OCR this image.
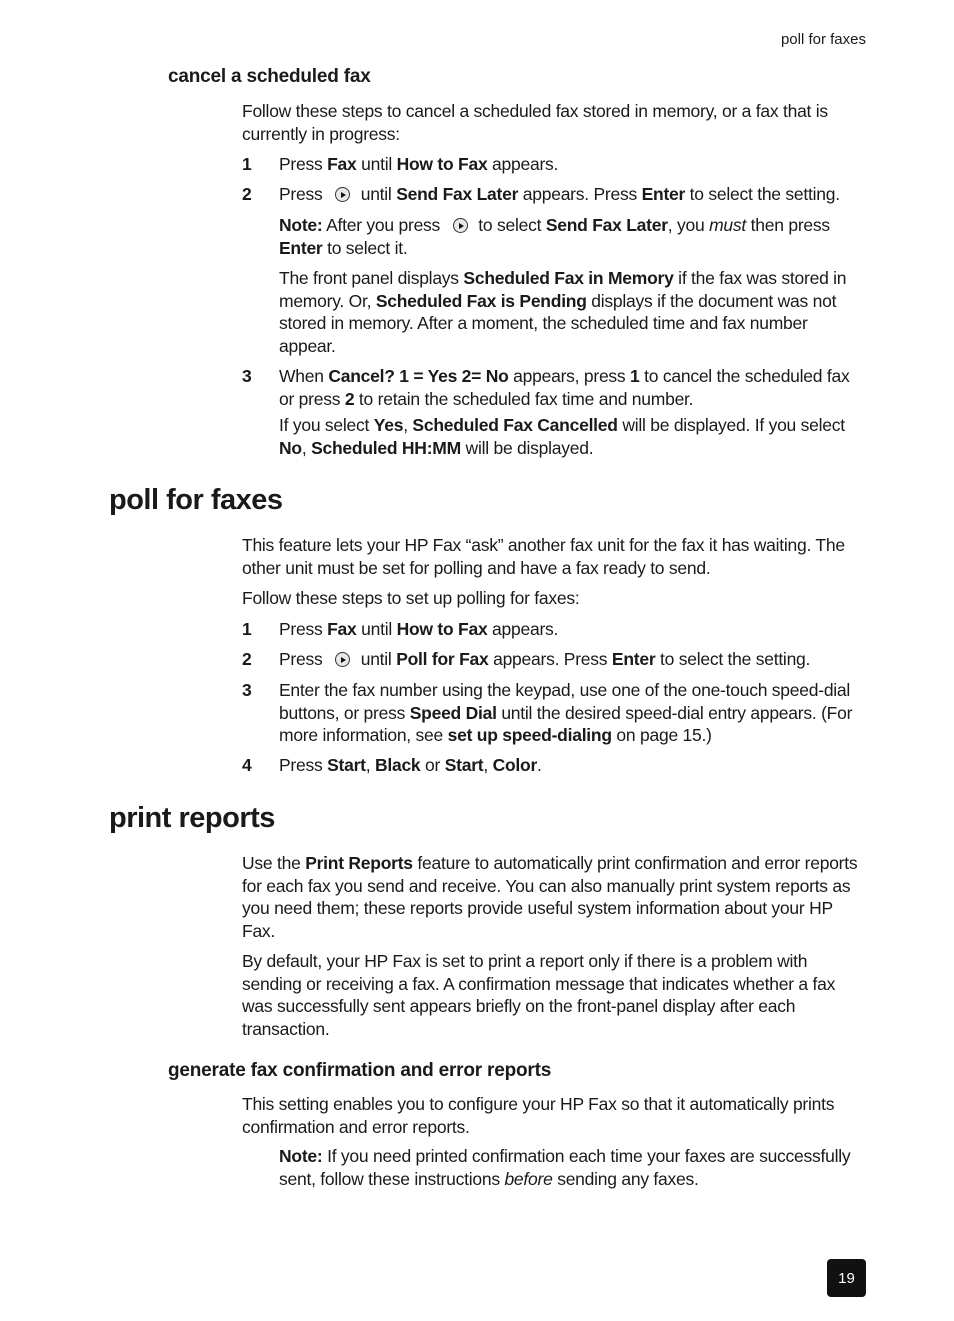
poll for faxes
cancel a scheduled fax
Follow these steps to cancel a scheduled fax stored in memory, or a fax that is currently in progress:
1 Press Fax until How to Fax appears.
2 Press  until Send Fax Later appears. Press Enter to select the setting.
Note: After you press  to select Send Fax Later, you must then press Enter to select it.
The front panel displays Scheduled Fax in Memory if the fax was stored in memory. Or, Scheduled Fax is Pending displays if the document was not stored in memory. After a moment, the scheduled time and fax number appear.
3 When Cancel? 1 = Yes 2= No appears, press 1 to cancel the scheduled fax or press 2 to retain the scheduled fax time and number.
If you select Yes, Scheduled Fax Cancelled will be displayed. If you select No, Scheduled HH:MM will be displayed.
poll for faxes
This feature lets your HP Fax “ask” another fax unit for the fax it has waiting. The other unit must be set for polling and have a fax ready to send.
Follow these steps to set up polling for faxes:
1 Press Fax until How to Fax appears.
2 Press  until Poll for Fax appears. Press Enter to select the setting.
3 Enter the fax number using the keypad, use one of the one-touch speed-dial buttons, or press Speed Dial until the desired speed-dial entry appears. (For more information, see set up speed-dialing on page 15.)
4 Press Start, Black or Start, Color.
print reports
Use the Print Reports feature to automatically print confirmation and error reports for each fax you send and receive. You can also manually print system reports as you need them; these reports provide useful system information about your HP Fax.
By default, your HP Fax is set to print a report only if there is a problem with sending or receiving a fax. A confirmation message that indicates whether a fax was successfully sent appears briefly on the front-panel display after each transaction.
generate fax confirmation and error reports
This setting enables you to configure your HP Fax so that it automatically prints confirmation and error reports.
Note: If you need printed confirmation each time your faxes are successfully sent, follow these instructions before sending any faxes.
19
